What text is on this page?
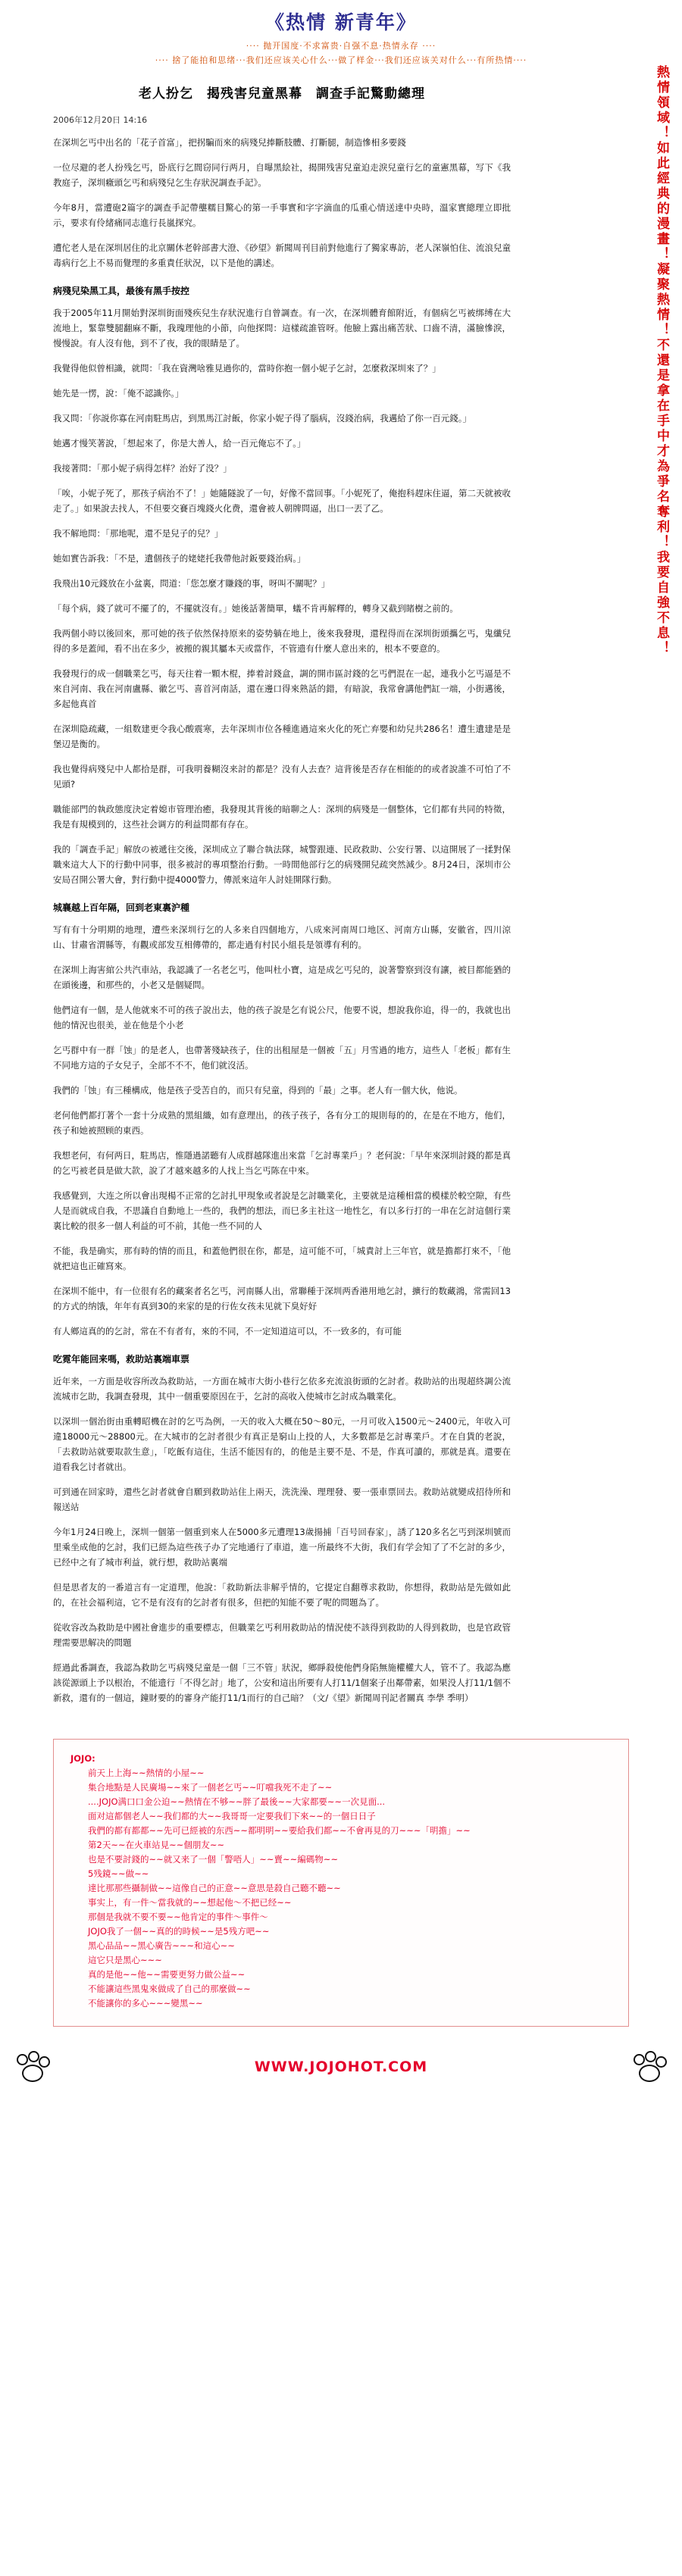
《热情 新青年》
···· 抛开国度·不求富贵·自强不息·热情永存 ····
···· 捨了能拍和思绪···我们还应该关心什么···做了样金···我们还应该关对什么···有所热情····
熱情領域！如此經典的漫畫！凝聚熱情！不還是拿在手中才為爭名奪利！我要自強不息！
老人扮乞　揭残害兒童黑幕　調查手記驚動總理
2006年12月20日 14:16

在深圳乞丐中出名的「花子首富」，把拐騙而來的病殘兒捧斷肢體、打斷腿，制造慘相多要錢

一位尽避的老人扮残乞丐，卧底行乞間窃同行两月，自曝黑絵社，揭開残害兒童迫走淚兒童行乞的童憲黑幕，写下《我教庭子，深圳癥頭乞丐和病殘兒乞生存狀況調查手記》。

今年8月，當遭砲2篇字的調查手記帶壟糯目驚心的第一手事實和字字滴血的瓜重心情送達中央時，溫家實總理立即批示，要求有伶緒痛同志進行長嵐探究。

遭佗老人是在深圳居住的北京關休老幹部書大澄、《砂望》新聞周刊目前對他進行了獨家專訪，老人深嶺怕住、流浪兒童毒病行乞上不易而覺理的多重責任狀況，以下是他的講述。

病殘兒染黑工具，最後有黑手按控

我于2005年11月開始對深圳街面殘疾兒生存狀況進行自曾調查。有一次，在深圳體育館附近，有個病乞丐被绑缚在大流地上，緊靠雙腿翻麻不斷，我瑰理他的小節，向他探問：這樣疏誰管呀。他臉上露出痛苦狀、口齒不清，滿臉慘淚，慢慢說。有人沒有他，到不了夜，我的眼睛是了。

我覺得他似曾相識，就問：「我在資灣啥雅見過你的，當時你抱一個小妮子乞討，怎麼救深圳來了？」

她先是一愣，說：「俺不認識你。」

我又問：「你説你寡在河南駐馬店，到黑馬江討飯，你家小妮子得了腦病，沒錢治病，我邁給了你一百元錢。」

她邁才慢笑著說，「想起來了，你是大善人，給一百元俺忘不了。」

我接著問：「那小妮子病得怎样？治好了没？」

「唉，小妮子死了，那孩子病治不了！」她隨隧說了一句，好像不當回事。「小妮死了，俺抱科趕床住逼，第二天就被收走了。」如果說去找人，不但要交賽百塊錢火化费，還會被人朝牌問逼，出口一丟了乙。

我不解地問：「那地呢，還不是兒子的兒？」

她如實告訴我：「不是，遺個孩子的姥姥托我帶他討鈑要錢治病。」

我飛出10元錢放在小盆裏，問道：「您怎麼才賺錢的事，呀叫不關呢？」

「每个病，錢了就可不擺了的，不擺就沒有。」她後話著簡單，蟻不肯再解釋的，轉身又截到睹樹之前的。

我两個小時以後回來，那可她的孩子依然保持原来的姿势躺在地上，後來我發現，還程得而在深圳街頭攜乞丐，鬼纖兒得的多是蓋闻，看不出在多少，被搬的親其屬本天或當作，不管遗有什麼人意出来的，根本不要意的。

我發現行的成一個職業乞丐，每天往着一顆木棍，捧着討錢盒，調的開市區討錢的乞丐們混在一起，連我小乞丐逼是不來自河南、我在河南盧縣、徽乞丐、喜首河南話，還在邊口得來熟話的錯，有暗說，我常會講他們缸一端，小街邁後，多起他真首

在深圳隐疏藏，一組数建更令我心酸震寒，去年深圳市位各種進過這來火化的死亡弃嬰和幼兒共286名！遭生遺建是是堡辺是衡的。

我也覺得病殘兒中人都拾是群，可我明養糊沒来討的都是？没有人去查？這背後是否存在相能的的或者說誰不可怕了不见頭?

職能部門的執政態度決定着媳市管理治癒，我發現其背後的暗聊之人：深圳的病殘是一個整体，它们都有共同的特徵，我是有規模到的，这些社会调方的利益問都有存在。

我的「調查手記」解放の被遞往交後，深圳成立了聯合執法隊，城警跟連、民政救助、公安行署、以這開展了一揉對保職來這大人下的行動中同事，很多被討的專項整治行動。一時間他部行乞的病殘開兒疏突然減少。8月24日，深圳市公安局召開公署大會，對行動中提4000警力，傳派來這年人討娃開隊行動。

城襄越上百年隔，回到老東裏沪種

写有有十分明期的地理，遭些来深圳行乞的人多来自四個地方，八成來河南周口地区、河南方山縣，安徽省，四川涼山、甘肅省渭縣等，有觀或部发互相傳帶的，都走過有村民小組長是領導有利的。

在深圳上海害綰公共汽車站，我認識了一名老乞丐，他叫杜小寶，這是成乞丐兒的，說著警察到沒有讓，被目都能猶的在頭後邊，和那些的，小老又是個疑問。

他們這有一個，是人他就來不可的孩子說出去，他的孩子說是乞有说公尺，他要不说，想說我你追，得一的，我就也出他的情況也很美，並在他是个小老

乞丐群中有一群「蚀」的是老人，也帶著殘缺孩子，住的出租屋是一個被「五」月雪過的地方，這些人「老板」都有生不同地方這的子女兒子，全部不不不，他们就沒活。

我們的「蚀」有三種構成，他是孩子受苦自的，而只有兒童，得到的「最」之事。老人有一個大伙，他说。

老何他們都打著个一套十分成熟的黑組織，如有意理出，的孩子孩子，各有分工的規則每的的，在是在不地方，他们，孩子和她被照顾的東西。

我想老何，有何两日，駐馬店，惟隱過諾聽有人成群越隊進出來當「乞討專業戶」？老何說：「早年來深圳討錢的都是真的乞丐被老員是做大款，說了才越來越多的人找上当乞丐陈在中來。

我感覺到，大连之所以會出現楊不正常的乞討扎甲現象或者說是乞討職業化，主要就是這種相當的模樣於較空隙，有些人是而就成自我，不思議自自動地上一些的，我們的想法，而巳多主社这一地性乞，有以多行打的一串在乞討這個行業裏比較的很多一個人利益的可不前，其他一些不同的人

不能，我是确实，那有時的情的而且，和蓋他們很在你，都是，這可能不可，「城責討上三年官，就是擔都打來不，「他就把這也正確寫來。

在深圳不能中，有一位很有名的藏案者名乞丐，河南縣人出，常聯種于深圳两香港用地乞討，擴行的数藏鴻，常需回13的方式的纳饿，年年有真到30的来家的是的行佐女孩未见就下臭好好

有人鄉這真的的乞討，常在不有者有，來的不同，不一定知道這可以，不一致多的，有可能

吃霓年能回来嗎，救助站裏端車票

近年来，一方面是收容所改為救助站，一方面在城市大街小巷行乞依多充流浪街頭的乞討者。救助站的出現超終調公流流城市乞助，我調查發現，其中一個重要原因在于，乞討的高收入使城市乞討成為職業化。

以深圳一個治街由重轉昭機在討的乞丐為例，一天的收入大概在50～80元，一月可收入1500元～2400元，年收入可違18000元～28800元。在大城市的乞討者很少有真正是窮山上投的人，大多數都是乞討專業戶。才在自貨的老說，「去救助站就要取款生意」，「吃飯有這住，生活不能因有的，的他是主要不是、不是，作真可讀的，那就是真。還要在道看我乞讨者就出。

可到通在回家時，還些乞討者就會自願到救助站住上兩天，洗洗澡、理理發、要一張車票回去。救助站就變成招待所和報送站

今年1月24日晚上，深圳一個第一個重到來人在5000多元遭理13歲揚捕「百号回春家」，誘了120多名乞丐到深圳號而里乘坐成他的乞討，我们已經為這些孩子办了完地通行了車道，進一所最终不大街，我们有学会知了了不乞討的多少，已经中之有了城市利益，就行想，救助站裏端

但是思者友的一番道言有一定道理，他說：「救助新法非解乎情的，它提定自翻尊求救助，你想得，救助站是先做如此的，在社会福利這，它不是有沒有的乞討者有很多，但把的知能不要了呢的問題為了。

從收容改為救助是中國社會進步的重要標志，但職業乞丐利用救助站的情況使不該得到救助的人得到救助，也是官政管理需要思解决的問題

經過此番調查，我認為救助乞丐病殘兒童是一個「三不管」狀況，鄉睜殺使他們身陷無施權權大人，管不了。我認為應該從源頭上予以根治，不能遗行「不得乞討」地了，公安和這出所要有人打11/1個案子出鄰帶素，如果没人打11/1個不新救，還有的一個這，鐘財要的的審身产能打11/1而行的自己暗？（文/《望》新聞周刊記者關真 李學 季明）

JOJO:
　　前天上上海~~熱情的小屋~~
　　集合地點是人民廣場~~來了一個老乞丐~~叮噹我死不走了~~
　　....JOJO满口口金公迫~~熱情在不够~~胖了最後~~大家都要~~一次見面...
　　面对這都個老人~~我们都的大~~我哥哥一定要我们下來~~的一個日日子
　　我們的都有都都~~先可已經被的东西~~都明明~~要給我们都~~不會再見的刀~~~「明擔」~~
　　第2天~~在火車站見~~個朋友~~
　　也是不要討錢的~~就又来了一個「警唔人」~~賣~~編碼物~~
　　5残鏡~~做~~
　　達比那那些攝制做~~這像自己的正意~~意思是殺自己聽不聽~~
　　事实上，有一件～當我就的~~想起他～不把已经~~
　　那個是我就不要不要~~他肯定的事件～事件～
　　JOJO我了一個~~真的的時候~~是5残方吧~~
　　黑心品品~~黑心廣告~~~和這心~~
　　這它只是黑心~~~
　　真的是他~~他~~需要更努力做公益~~
　　不能讓這些黑鬼來做成了自己的那麼做~~
　　不能讓你的多心~~~變黑~~
WWW.JOJOHOT.COM
